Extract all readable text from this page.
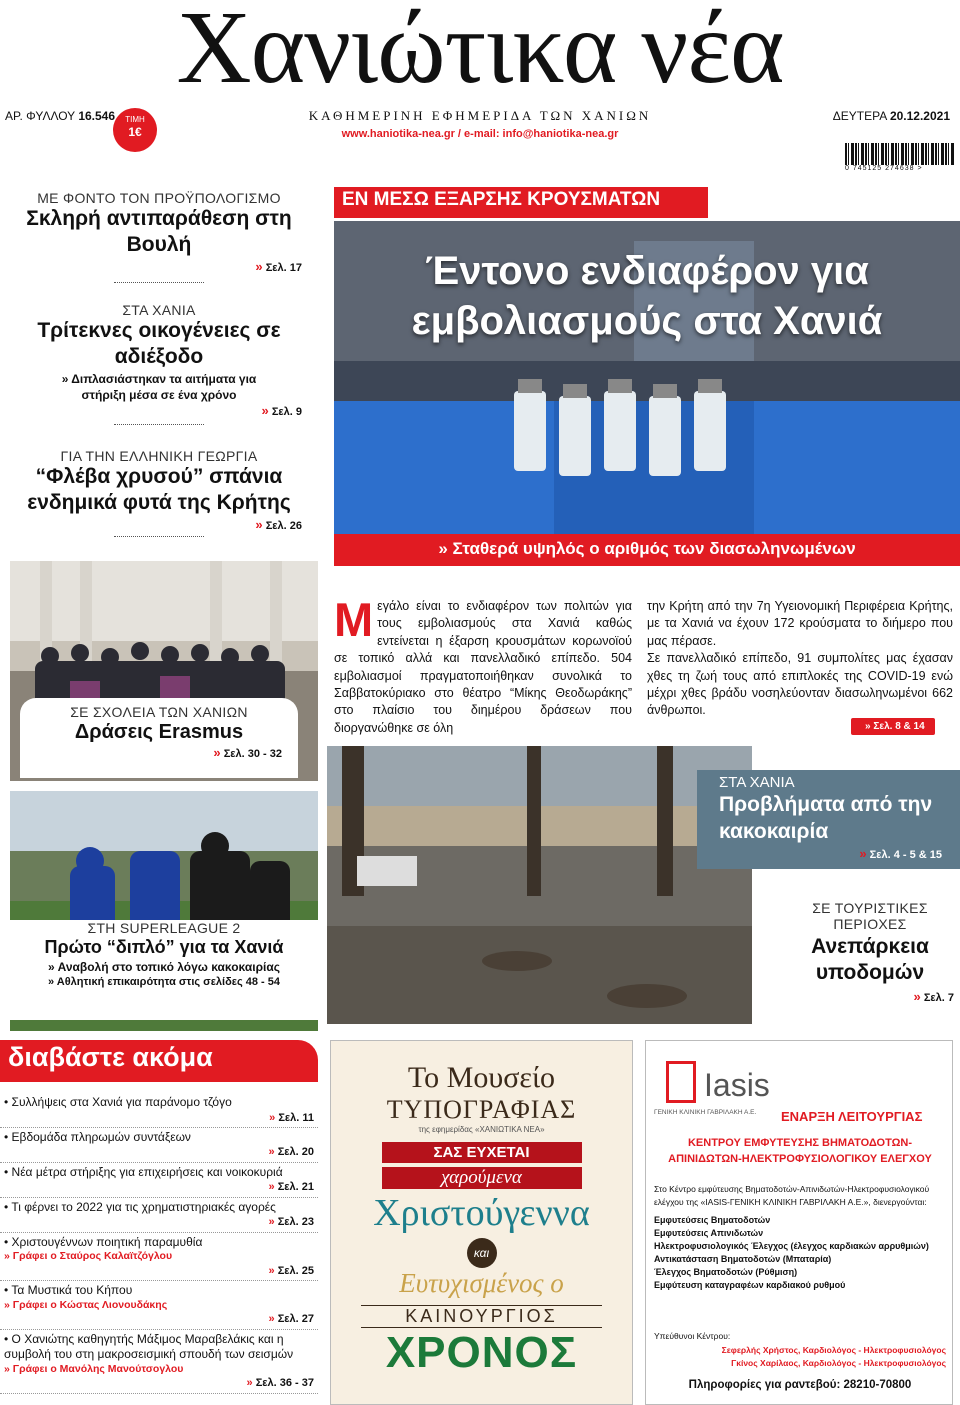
Χανιώτικα νέα
ΑΡ. ΦΥΛΛΟΥ 16.546	ΚΑΘΗΜΕΡΙΝΗ ΕΦΗΜΕΡΙΔΑ ΤΩΝ ΧΑΝΙΩΝ
www.haniotika-nea.gr / e-mail: info@haniotika-nea.gr
ΔΕΥΤΕΡΑ 20.12.2021
ΤΙΜΗ
1€
0 745125 274638 >
ΜΕ ΦΟΝΤΟ ΤΟΝ ΠΡΟΫΠΟΛΟΓΙΣΜΟ
Σκληρή αντιπαράθεση στη Βουλή
» Σελ. 17
ΣΤΑ ΧΑΝΙΑ
Τρίτεκνες οικογένειες σε αδιέξοδο
» Διπλασιάστηκαν τα αιτήματα για στήριξη μέσα σε ένα χρόνο
» Σελ. 9
ΓΙΑ ΤΗΝ ΕΛΛΗΝΙΚΗ ΓΕΩΡΓΙΑ
“Φλέβα χρυσού” σπάνια ενδημικά φυτά της Κρήτης
» Σελ. 26
ΣΕ ΣΧΟΛΕΙΑ ΤΩΝ ΧΑΝΙΩΝ
Δράσεις Erasmus
» Σελ. 30 - 32
ΣΤΗ SUPERLEAGUE 2
Πρώτο “διπλό” για τα Χανιά
» Αναβολή στο τοπικό λόγω κακοκαιρίας
» Αθλητική επικαιρότητα στις σελίδες 48 - 54
ΕΝ ΜΕΣΩ ΕΞΑΡΣΗΣ ΚΡΟΥΣΜΑΤΩΝ
Έντονο ενδιαφέρον για εμβολιασμούς στα Χανιά
» Σταθερά υψηλός ο αριθμός των διασωληνωμένων
Μεγάλο είναι το ενδιαφέρον των πολιτών για τους εμβολιασμούς στα Χανιά καθώς εντείνεται η έξαρση κρουσμάτων κορωνοϊού σε τοπικό αλλά και πανελλαδικό επίπεδο. 504 εμβολιασμοί πραγματοποιήθηκαν συνολικά το Σαββατοκύριακο στο θέατρο “Μίκης Θεοδωράκης” στο πλαίσιο του διημέρου δράσεων που διοργανώθηκε σε όλη
την Κρήτη από την 7η Υγειονομική Περιφέρεια Κρήτης, με τα Χανιά να έχουν 172 κρούσματα το διήμερο που μας πέρασε.
Σε πανελλαδικό επίπεδο, 91 συμπολίτες μας έχασαν χθες τη ζωή τους από επιπλοκές της COVID-19 ενώ μέχρι χθες βράδυ νοσηλεύονταν διασωληνωμένοι 662 άνθρωποι.
» Σελ. 8 & 14
ΣΤΑ ΧΑΝΙΑ
Προβλήματα από την κακοκαιρία
» Σελ. 4 - 5 & 15
ΣΕ ΤΟΥΡΙΣΤΙΚΕΣ ΠΕΡΙΟΧΕΣ
Ανεπάρκεια υποδομών
» Σελ. 7
διαβάστε ακόμα
• Συλλήψεις στα Χανιά για παράνομο τζόγο
» Σελ. 11
• Εβδομάδα πληρωμών συντάξεων
» Σελ. 20
• Νέα μέτρα στήριξης για επιχειρήσεις και νοικοκυριά
» Σελ. 21
• Τι φέρνει το 2022 για τις χρηματιστηριακές αγορές
» Σελ. 23
• Χριστουγέννων ποιητική παραμυθία
» Γράφει ο Σταύρος Καλαϊτζόγλου
» Σελ. 25
• Τα Μυστικά του Κήπου
» Γράφει ο Κώστας Λιονουδάκης
» Σελ. 27
• Ο Χανιώτης καθηγητής Μάξιμος Μαραβελάκις και η συμβολή του στη μακροσεισμική σπουδή των σεισμών
» Γράφει ο Μανόλης Μανούτσογλου
» Σελ. 36 - 37
Το Μουσείο
ΤΥΠΟΓΡΑΦΙΑΣ
της εφημερίδας «ΧΑΝΙΩΤΙΚΑ ΝΕΑ»
ΣΑΣ ΕΥΧΕΤΑΙ
χαρούμενα
Χριστούγεννα
και
Ευτυχισμένος ο
ΚΑΙΝΟΥΡΓΙΟΣ
ΧΡΟΝΟΣ
Iasis
ΓΕΝΙΚΗ ΚΛΙΝΙΚΗ ΓΑΒΡΙΛΑΚΗ Α.Ε. ΕΝΑΡΞΗ ΛΕΙΤΟΥΡΓΙΑΣ
ΚΕΝΤΡΟΥ ΕΜΦΥΤΕΥΣΗΣ ΒΗΜΑΤΟΔΟΤΩΝ-ΑΠΙΝΙΔΩΤΩΝ-ΗΛΕΚΤΡΟΦΥΣΙΟΛΟΓΙΚΟΥ ΕΛΕΓΧΟΥ
Στο Κέντρο εμφύτευσης Βηματοδοτών-Απινιδωτών-Ηλεκτροφυσιολογικού ελέγχου της «IASIS-ΓΕΝΙΚΗ ΚΛΙΝΙΚΗ ΓΑΒΡΙΛΑΚΗ Α.Ε.», διενεργούνται:
Εμφυτεύσεις Βηματοδοτών
Εμφυτεύσεις Απινιδωτών
Ηλεκτροφυσιολογικός Έλεγχος (έλεγχος καρδιακών αρρυθμιών)
Αντικατάσταση Βηματοδοτών (Μπαταρία)
Έλεγχος Βηματοδοτών (Ρύθμιση)
Εμφύτευση καταγραφέων καρδιακού ρυθμού
Υπεύθυνοι Κέντρου:
Σεφερλής Χρήστος, Καρδιολόγος - Ηλεκτροφυσιολόγος
Γκίνος Χαρίλαος, Καρδιολόγος - Ηλεκτροφυσιολόγος
Πληροφορίες για ραντεβού: 28210-70800
